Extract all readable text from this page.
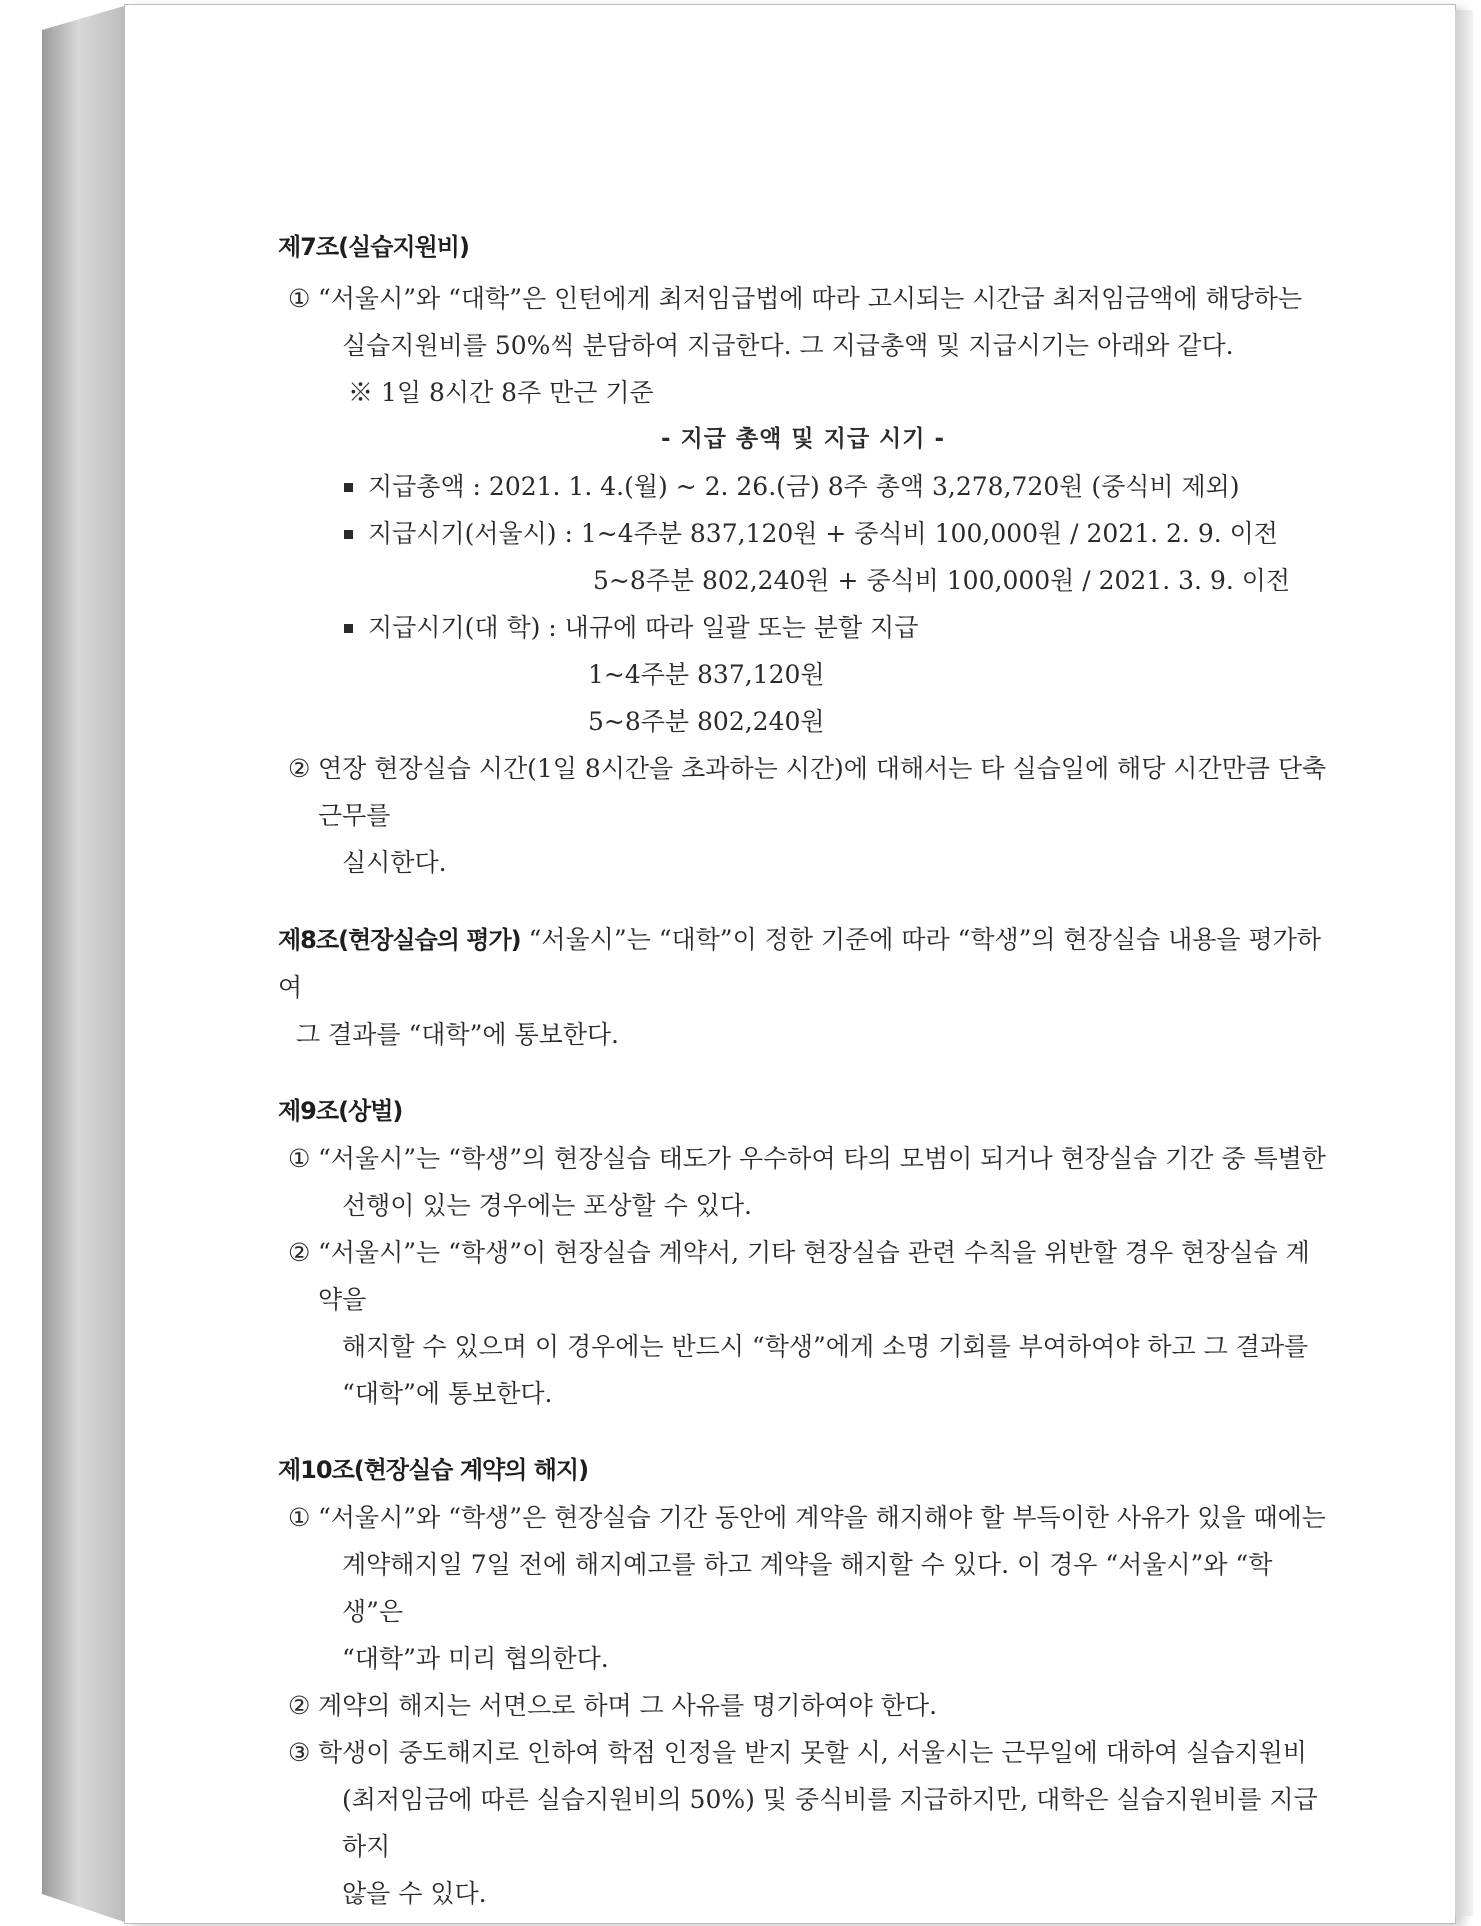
제7조(실습지원비)
① “서울시”와 “대학”은 인턴에게 최저임급법에 따라 고시되는 시간급 최저임금액에 해당하는
실습지원비를 50%씩 분담하여 지급한다. 그 지급총액 및 지급시기는 아래와 같다.
※ 1일 8시간 8주 만근 기준
- 지급 총액 및 지급 시기 -
지급총액 : 2021. 1. 4.(월) ~ 2. 26.(금) 8주 총액 3,278,720원 (중식비 제외)
지급시기(서울시) : 1~4주분 837,120원 + 중식비 100,000원 / 2021. 2. 9. 이전
5~8주분 802,240원 + 중식비 100,000원 / 2021. 3. 9. 이전
지급시기(대 학) : 내규에 따라 일괄 또는 분할 지급
1~4주분 837,120원
5~8주분 802,240원
② 연장 현장실습 시간(1일 8시간을 초과하는 시간)에 대해서는 타 실습일에 해당 시간만큼 단축근무를
실시한다.
제8조(현장실습의 평가) “서울시”는 “대학”이 정한 기준에 따라 “학생”의 현장실습 내용을 평가하여
그 결과를 “대학”에 통보한다.
제9조(상벌)
① “서울시”는 “학생”의 현장실습 태도가 우수하여 타의 모범이 되거나 현장실습 기간 중 특별한
선행이 있는 경우에는 포상할 수 있다.
② “서울시”는 “학생”이 현장실습 계약서, 기타 현장실습 관련 수칙을 위반할 경우 현장실습 계약을
해지할 수 있으며 이 경우에는 반드시 “학생”에게 소명 기회를 부여하여야 하고 그 결과를
“대학”에 통보한다.
제10조(현장실습 계약의 해지)
① “서울시”와 “학생”은 현장실습 기간 동안에 계약을 해지해야 할 부득이한 사유가 있을 때에는
계약해지일 7일 전에 해지예고를 하고 계약을 해지할 수 있다. 이 경우 “서울시”와 “학생”은
“대학”과 미리 협의한다.
② 계약의 해지는 서면으로 하며 그 사유를 명기하여야 한다.
③ 학생이 중도해지로 인하여 학점 인정을 받지 못할 시, 서울시는 근무일에 대하여 실습지원비
(최저임금에 따른 실습지원비의 50%) 및 중식비를 지급하지만, 대학은 실습지원비를 지급하지
않을 수 있다.
